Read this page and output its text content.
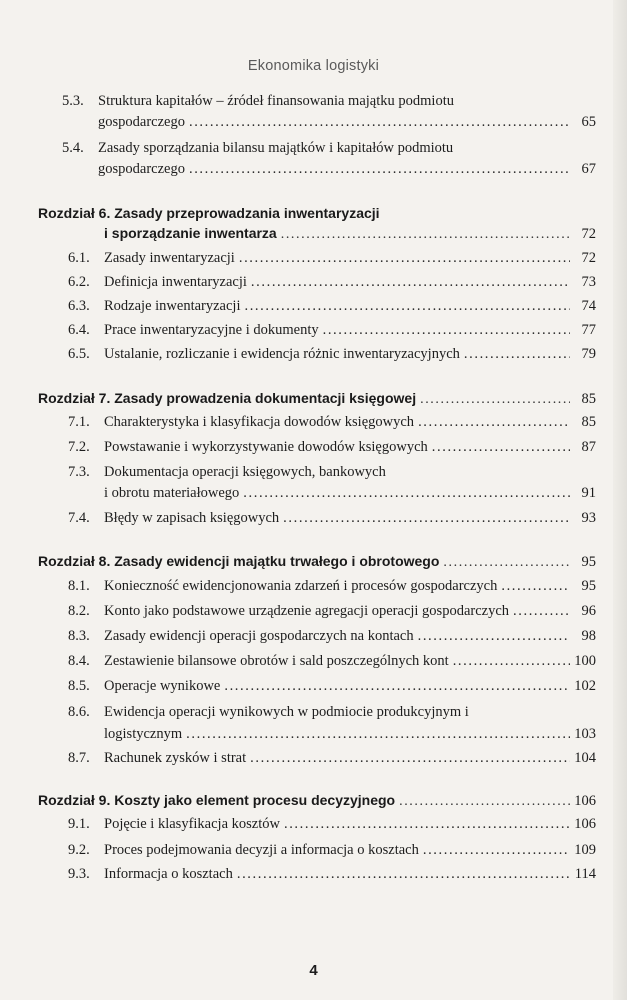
Ekonomika logistyki
5.3. Struktura kapitałów – źródeł finansowania majątku podmiotu
gospodarczego .....	65
5.4. Zasady sporządzania bilansu majątków i kapitałów podmiotu
gospodarczego .....	67
Rozdział 6. Zasady przeprowadzania inwentaryzacji
i sporządzanie inwentarza .....	72
6.1. Zasady inwentaryzacji .....	72
6.2. Definicja inwentaryzacji .....	73
6.3. Rodzaje inwentaryzacji .....	74
6.4. Prace inwentaryzacyjne i dokumenty .....	77
6.5. Ustalanie, rozliczanie i ewidencja różnic inwentaryzacyjnych .....	79
Rozdział 7. Zasady prowadzenia dokumentacji księgowej .....	85
7.1. Charakterystyka i klasyfikacja dowodów księgowych .....	85
7.2. Powstawanie i wykorzystywanie dowodów księgowych .....	87
7.3. Dokumentacja operacji księgowych, bankowych
i obrotu materiałowego .....	91
7.4. Błędy w zapisach księgowych .....	93
Rozdział 8. Zasady ewidencji majątku trwałego i obrotowego .....	95
8.1. Konieczność ewidencjonowania zdarzeń i procesów gospodarczych .....	95
8.2. Konto jako podstawowe urządzenie agregacji operacji gospodarczych .....	96
8.3. Zasady ewidencji operacji gospodarczych na kontach .....	98
8.4. Zestawienie bilansowe obrotów i sald poszczególnych kont .....	100
8.5. Operacje wynikowe .....	102
8.6. Ewidencja operacji wynikowych w podmiocie produkcyjnym i
logistycznym .....	103
8.7. Rachunek zysków i strat .....	104
Rozdział 9. Koszty jako element procesu decyzyjnego .....	106
9.1. Pojęcie i klasyfikacja kosztów .....	106
9.2. Proces podejmowania decyzji a informacja o kosztach .....	109
9.3. Informacja o kosztach .....	114
4
